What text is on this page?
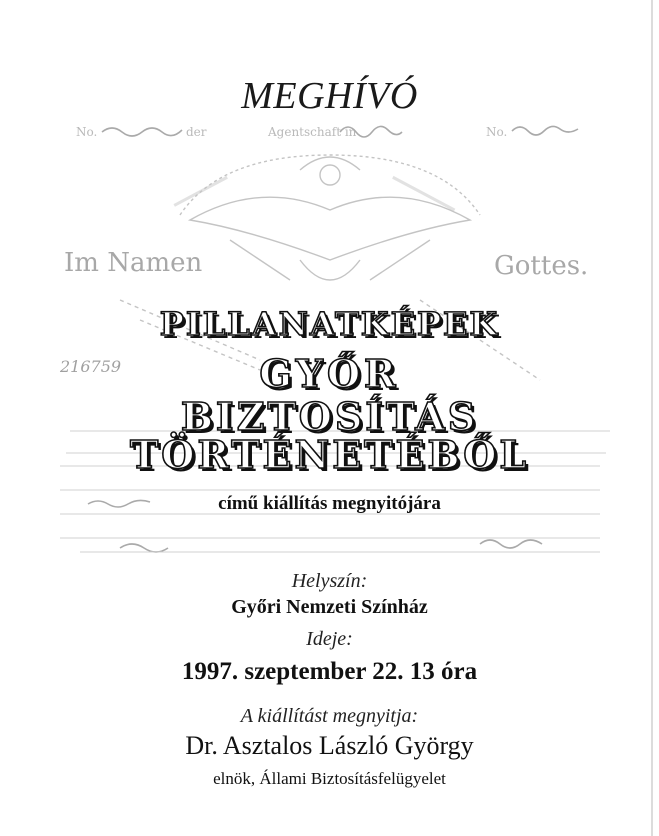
No.	der	Agentschaft in	No.
Im Namen	Gottes.
216759
MEGHÍVÓ
PILLANATKÉPEK
GYŐR
BIZTOSÍTÁS
TÖRTÉNETÉBŐL
című kiállítás megnyitójára
Helyszín:
Győri Nemzeti Színház
Ideje:
1997. szeptember 22. 13 óra
A kiállítást megnyitja:
Dr. Asztalos László György
elnök, Állami Biztosításfelügyelet
